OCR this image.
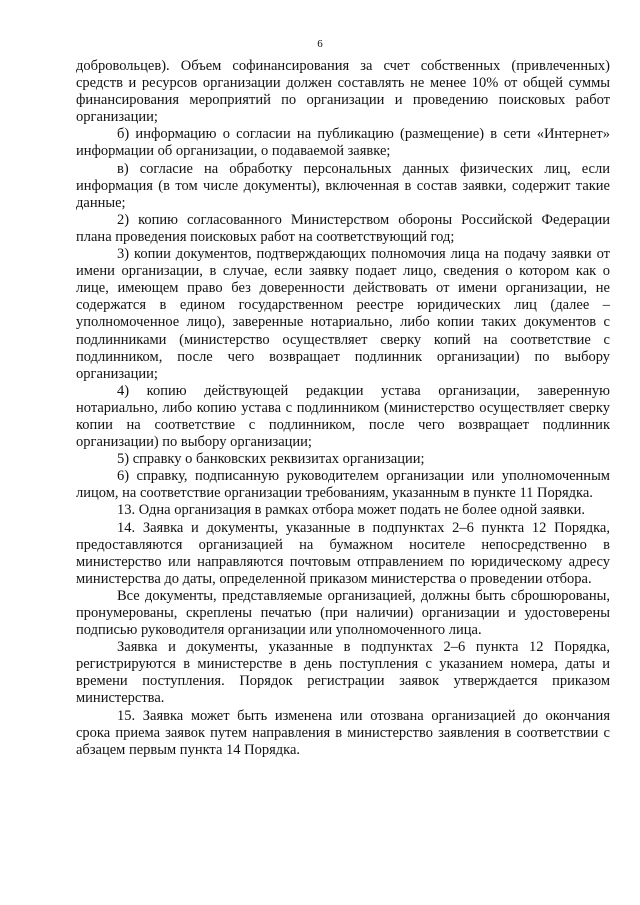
6

добровольцев). Объем софинансирования за счет собственных (привлеченных) средств и ресурсов организации должен составлять не менее 10% от общей суммы финансирования мероприятий по организации и проведению поисковых работ организации;

б) информацию о согласии на публикацию (размещение) в сети «Интернет» информации об организации, о подаваемой заявке;

в) согласие на обработку персональных данных физических лиц, если информация (в том числе документы), включенная в состав заявки, содержит такие данные;

2) копию согласованного Министерством обороны Российской Федерации плана проведения поисковых работ на соответствующий год;

3) копии документов, подтверждающих полномочия лица на подачу заявки от имени организации, в случае, если заявку подает лицо, сведения о котором как о лице, имеющем право без доверенности действовать от имени организации, не содержатся в едином государственном реестре юридических лиц (далее – уполномоченное лицо), заверенные нотариально, либо копии таких документов с подлинниками (министерство осуществляет сверку копий на соответствие с подлинником, после чего возвращает подлинник организации) по выбору организации;

4) копию действующей редакции устава организации, заверенную нотариально, либо копию устава с подлинником (министерство осуществляет сверку копии на соответствие с подлинником, после чего возвращает подлинник организации) по выбору организации;

5) справку о банковских реквизитах организации;

6) справку, подписанную руководителем организации или уполномоченным лицом, на соответствие организации требованиям, указанным в пункте 11 Порядка.

13. Одна организация в рамках отбора может подать не более одной заявки.

14. Заявка и документы, указанные в подпунктах 2–6 пункта 12 Порядка, предоставляются организацией на бумажном носителе непосредственно в министерство или направляются почтовым отправлением по юридическому адресу министерства до даты, определенной приказом министерства о проведении отбора.

Все документы, представляемые организацией, должны быть сброшюрованы, пронумерованы, скреплены печатью (при наличии) организации и удостоверены подписью руководителя организации или уполномоченного лица.

Заявка и документы, указанные в подпунктах 2–6 пункта 12 Порядка, регистрируются в министерстве в день поступления с указанием номера, даты и времени поступления. Порядок регистрации заявок утверждается приказом министерства.

15. Заявка может быть изменена или отозвана организацией до окончания срока приема заявок путем направления в министерство заявления в соответствии с абзацем первым пункта 14 Порядка.
